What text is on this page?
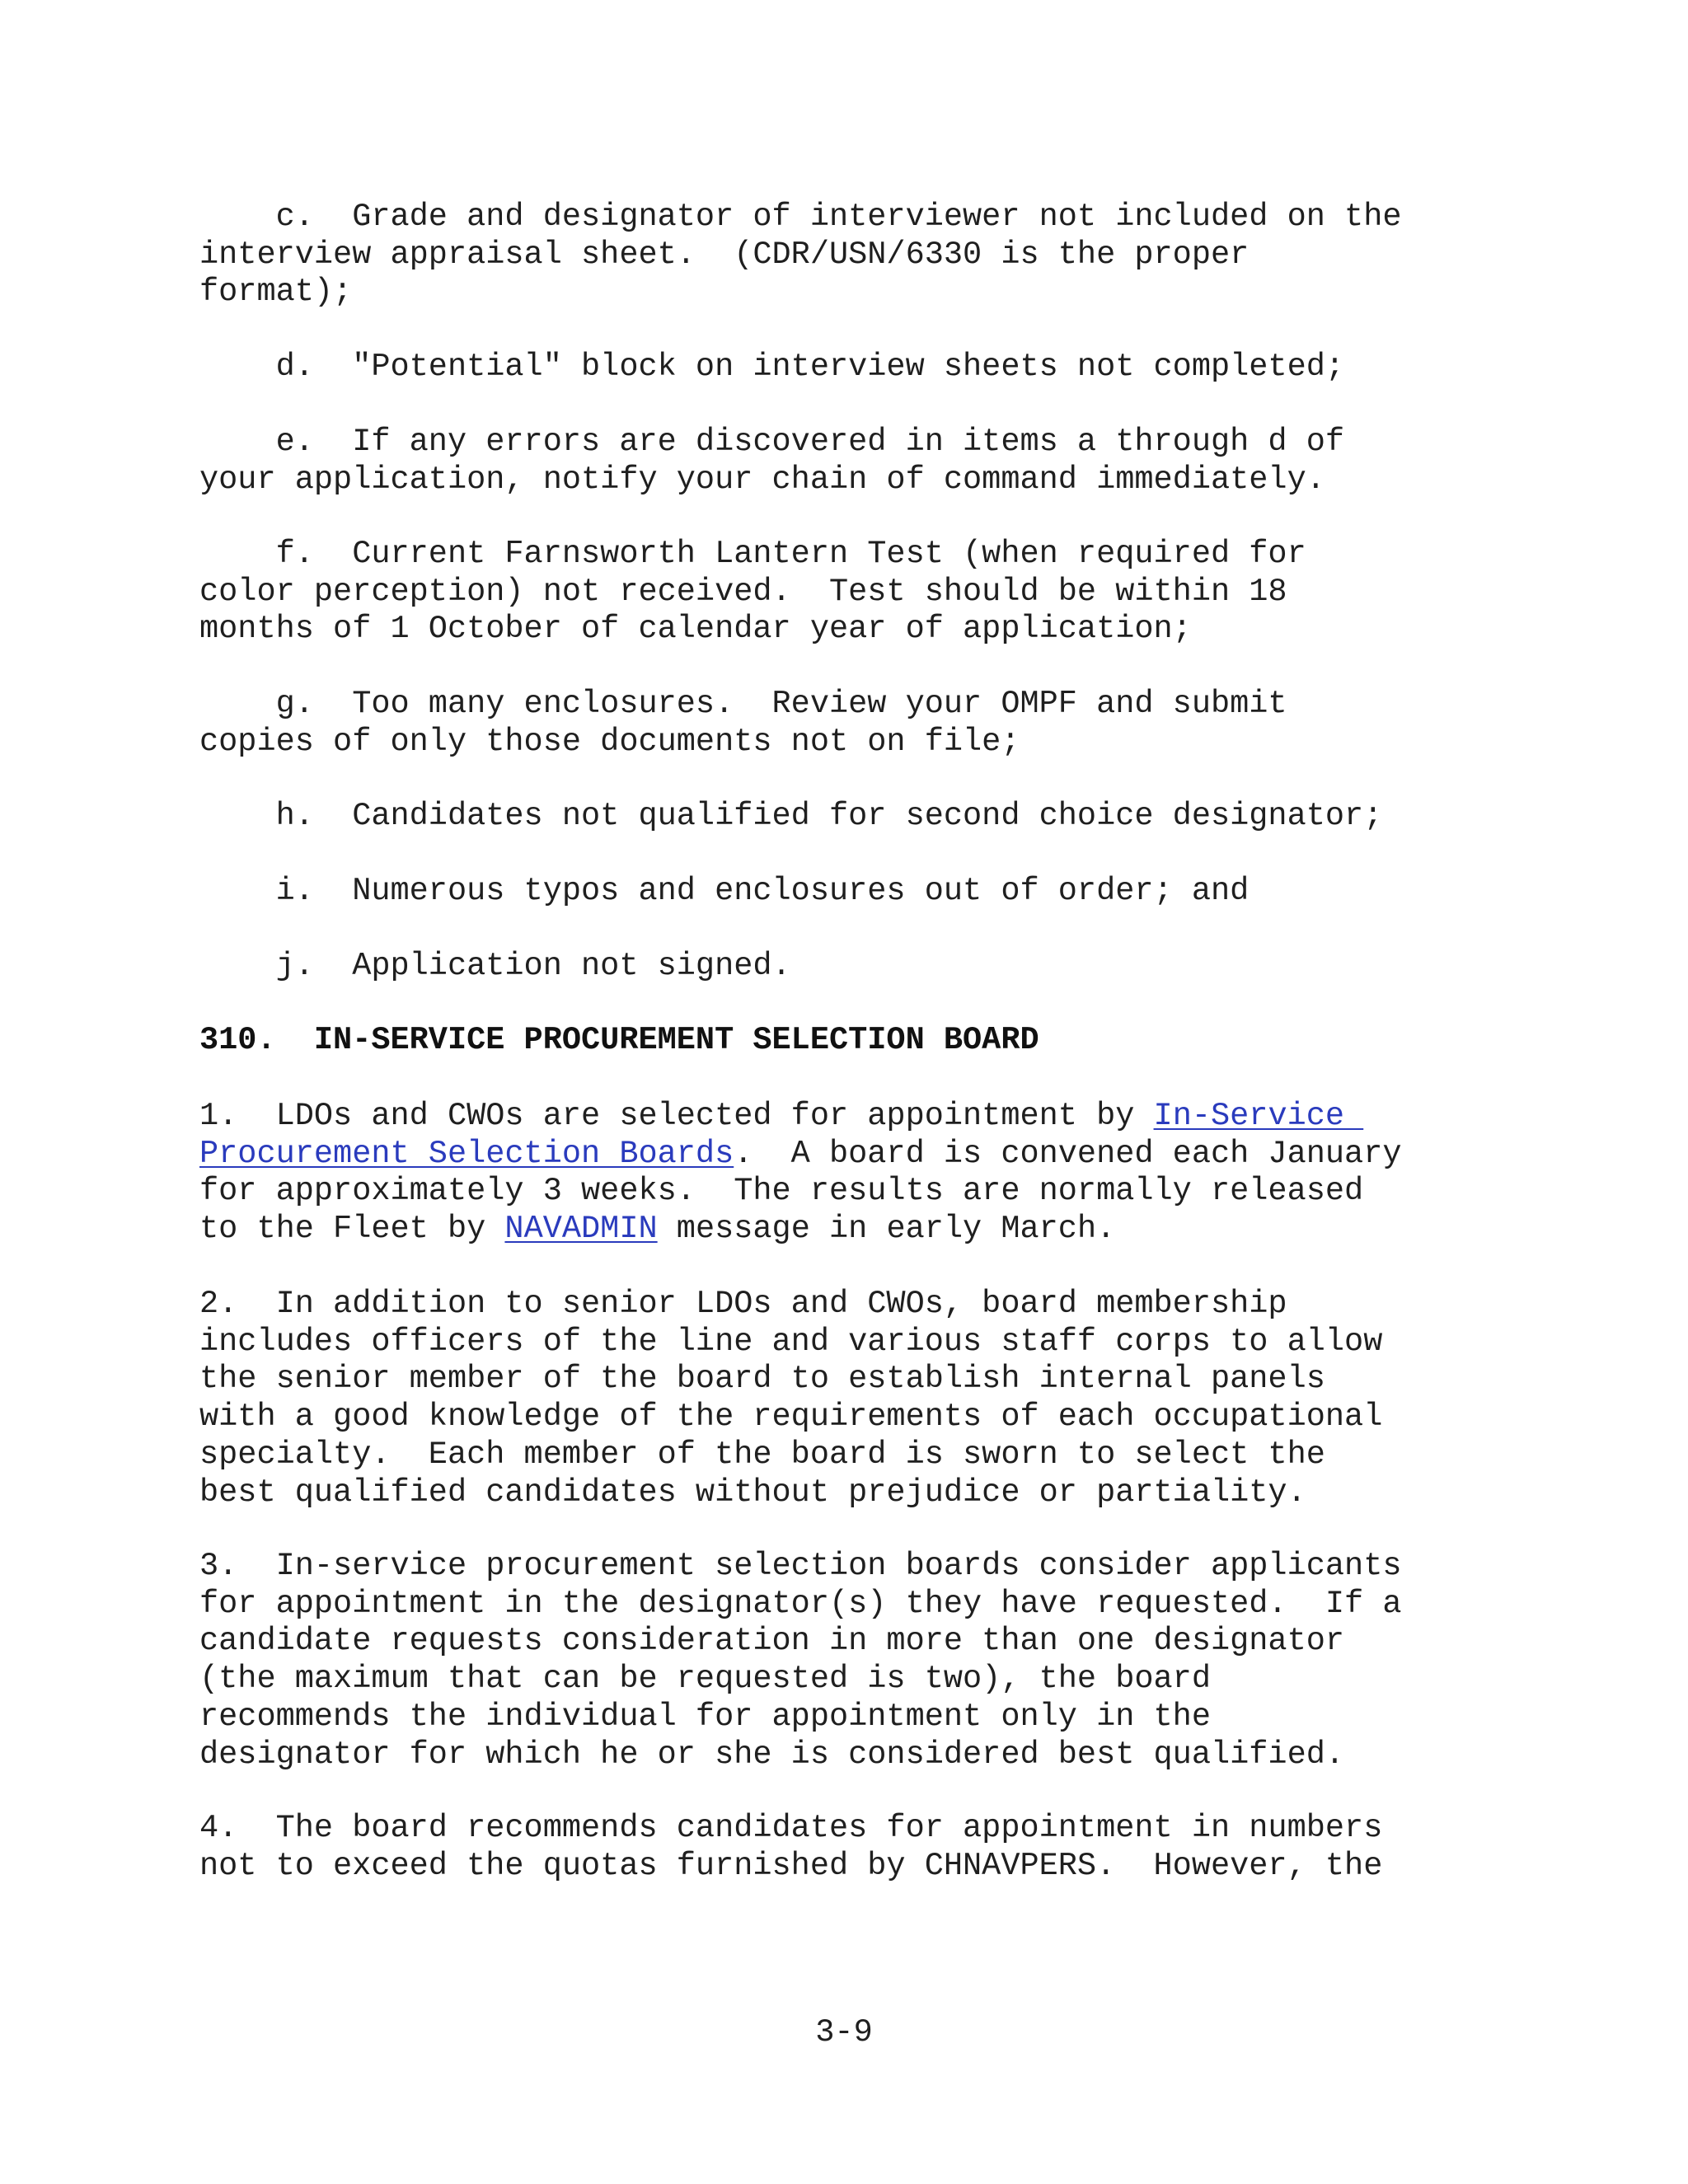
c.  Grade and designator of interviewer not included on the
interview appraisal sheet.  (CDR/USN/6330 is the proper
format);
d.  "Potential" block on interview sheets not completed;
e.  If any errors are discovered in items a through d of
your application, notify your chain of command immediately.
f.  Current Farnsworth Lantern Test (when required for
color perception) not received.  Test should be within 18
months of 1 October of calendar year of application;
g.  Too many enclosures.  Review your OMPF and submit
copies of only those documents not on file;
h.  Candidates not qualified for second choice designator;
i.  Numerous typos and enclosures out of order; and
j.  Application not signed.
310.  IN-SERVICE PROCUREMENT SELECTION BOARD
1.  LDOs and CWOs are selected for appointment by In-Service
Procurement Selection Boards.  A board is convened each January
for approximately 3 weeks.  The results are normally released
to the Fleet by NAVADMIN message in early March.
2.  In addition to senior LDOs and CWOs, board membership
includes officers of the line and various staff corps to allow
the senior member of the board to establish internal panels
with a good knowledge of the requirements of each occupational
specialty.  Each member of the board is sworn to select the
best qualified candidates without prejudice or partiality.
3.  In-service procurement selection boards consider applicants
for appointment in the designator(s) they have requested.  If a
candidate requests consideration in more than one designator
(the maximum that can be requested is two), the board
recommends the individual for appointment only in the
designator for which he or she is considered best qualified.
4.  The board recommends candidates for appointment in numbers
not to exceed the quotas furnished by CHNAVPERS.  However, the
3-9
